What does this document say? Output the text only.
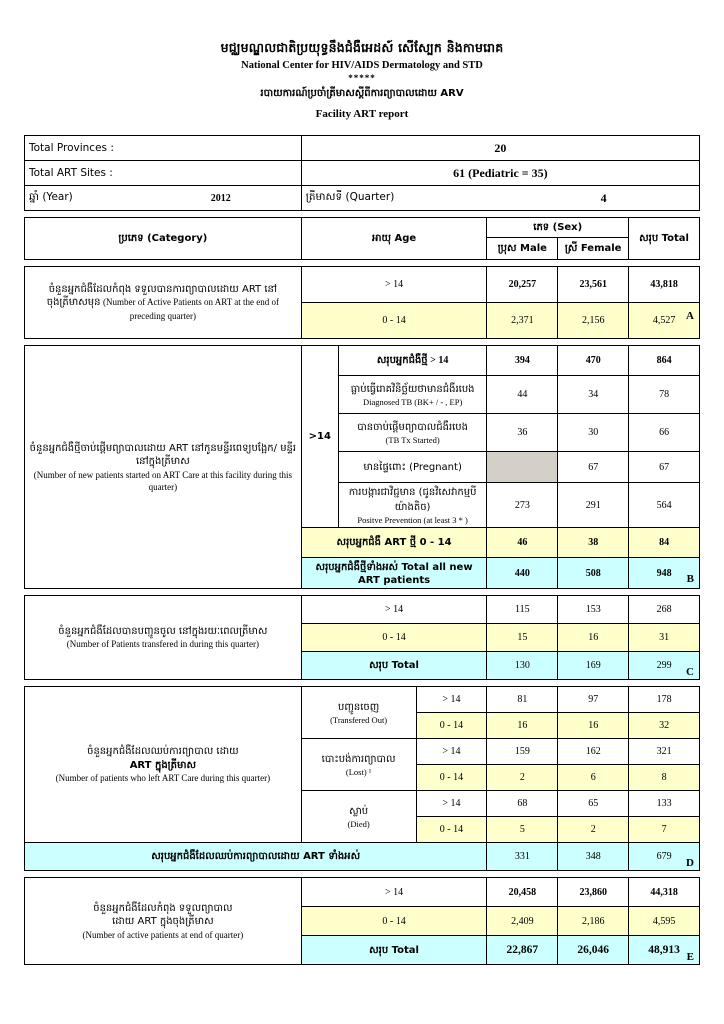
មជ្ឈមណ្ឌលជាតិប្រយុទ្ធនឹងជំងឺអេដស៍ សើស្បែក និងកាមរោគ
National Center for HIV/AIDS Dermatology and STD
*****
របាយការណ៍ប្រចាំត្រីមាសស្ដីពីការព្យាបាលដោយ ARV
Facility ART report
Total Provinces :	20
Total ART Sites :	61 (Pediatric = 35)

ឆ្នាំ (Year)	2012
		ត្រីមាសទី (Quarter)	4
ប្រភេទ (Category)	អាយុ Age	ភេទ (Sex)		សរុប Total
		ប្រុស Male	ស្រី Female	
ចំនួនអ្នកជំងឺដែលកំពុង ទទួលបានការព្យាបាលដោយ ART នៅ
ចុងត្រីមាសមុន (Number of Active Patients on ART at the end of preceding quarter)	> 14	20,257	23,561	43,818
	0 - 14	2,371	2,156	4,527 A
ចំនួនអ្នកជំងឺថ្មីចាប់ផ្ដើមព្យាបាលដោយ ART នៅកូនមន្ទីរពេទ្យបង្អែក/ មន្ទីរ នៅក្នុងត្រីមាស
(Number of new patients started on ART Care at this facility during this quarter)	>14	សរុបអ្នកជំងឺថ្មី > 14	394	470	864

		ធ្លាប់ធ្វើរោគវិនិច្ឆ័យថាមានជំងឺរបេង
Diagnosed TB (BK+ / - , EP)	44	34	78

		បានចាប់ផ្ដើមព្យាបាលជំងឺរបេង
(TB Tx Started)	36	30	66
		មានផ្ទៃពោះ (Pregnant)		67	67

		ការបង្ការជាវិជ្ជមាន (ជូនវិសេវាកម្មបីយ៉ាងតិច)
Positve Prevention (at least 3 * )	273	291	564
	សរុបអ្នកជំងឺ ART ថ្មី 0 - 14		46	38	84
	សរុបអ្នកជំងឺថ្មីទាំងអស់ Total all new ART patients		440	508	948 B
ចំនួនអ្នកជំងឺដែលបានបញ្ជូនចូល នៅក្នុងរយៈពេលត្រីមាស
(Number of Patients transfered in during this quarter)	> 14	115	153	268
	0 - 14	15	16	31
	សរុប Total	130	169	299
C
ចំនួនអ្នកជំងឺដែលឈប់ការព្យាបាល ដោយ
ART ក្នុងត្រីមាស
(Number of patients who left ART Care during this quarter)

បញ្ជូនចេញ
(Transfered Out)
	> 14	81	97	178
		0 - 14	16	16	32

	បោះបង់ការព្យាបាល
(Lost) ¹	> 14	159	162	321
		0 - 14	2	6	8

	ស្លាប់
(Died)	> 14	68	65	133
		0 - 14	5	2	7
សរុបអ្នកជំងឺដែលឈប់ការព្យាបាលដោយ ART ទាំងអស់			331	348	679
D
ចំនួនអ្នកជំងឺដែលកំពុង ទទួលព្យាបាល
ដោយ ART ក្នុងចុងត្រីមាស
(Number of active patients at end of quarter)	> 14	20,458	23,860	44,318
	0 - 14	2,409	2,186	4,595
	សរុប Total	22,867	26,046	48,913
E
